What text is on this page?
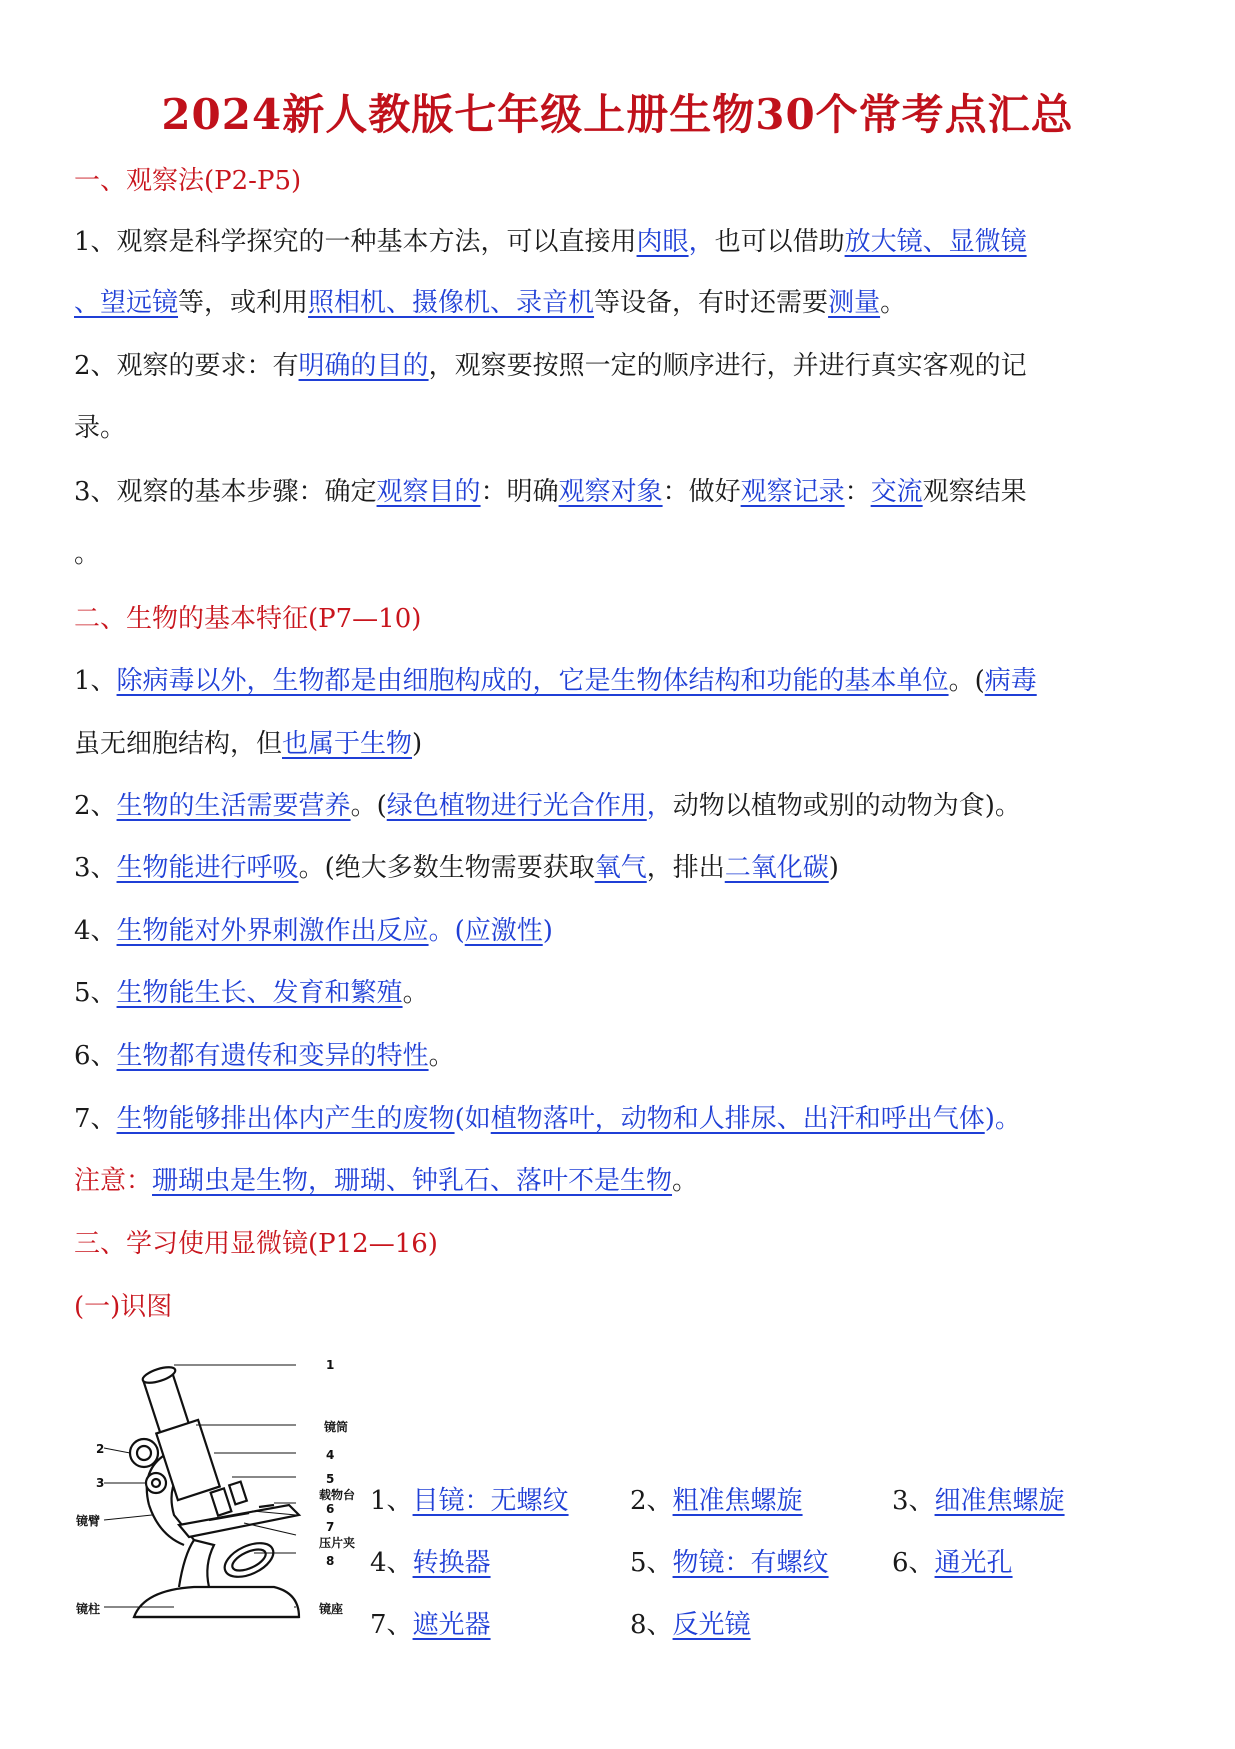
2024新人教版七年级上册生物30个常考点汇总
一、观察法(P2-P5)
1、观察是科学探究的一种基本方法，可以直接用肉眼，也可以借助放大镜、显微镜
、望远镜等，或利用照相机、摄像机、录音机等设备，有时还需要测量。
2、观察的要求：有明确的目的，观察要按照一定的顺序进行，并进行真实客观的记
录。
3、观察的基本步骤：确定观察目的：明确观察对象：做好观察记录：交流观察结果
。
二、生物的基本特征(P7—10)
1、除病毒以外，生物都是由细胞构成的，它是生物体结构和功能的基本单位。(病毒
虽无细胞结构，但也属于生物)
2、生物的生活需要营养。(绿色植物进行光合作用，动物以植物或别的动物为食)。
3、生物能进行呼吸。(绝大多数生物需要获取氧气，排出二氧化碳)
4、生物能对外界刺激作出反应。(应激性)
5、生物能生长、发育和繁殖。
6、生物都有遗传和变异的特性。
7、生物能够排出体内产生的废物(如植物落叶，动物和人排尿、出汗和呼出气体)。
注意：珊瑚虫是生物，珊瑚、钟乳石、落叶不是生物。
三、学习使用显微镜(P12—16)
(一)识图
1
镜筒
4
5
载物台
6
7
压片夹
8
镜座
2
3
镜臂
镜柱
1、目镜：无螺纹 2、粗准焦螺旋	3、细准焦螺旋
4、转换器	5、物镜：有螺纹 6、通光孔
7、遮光器	8、反光镜
